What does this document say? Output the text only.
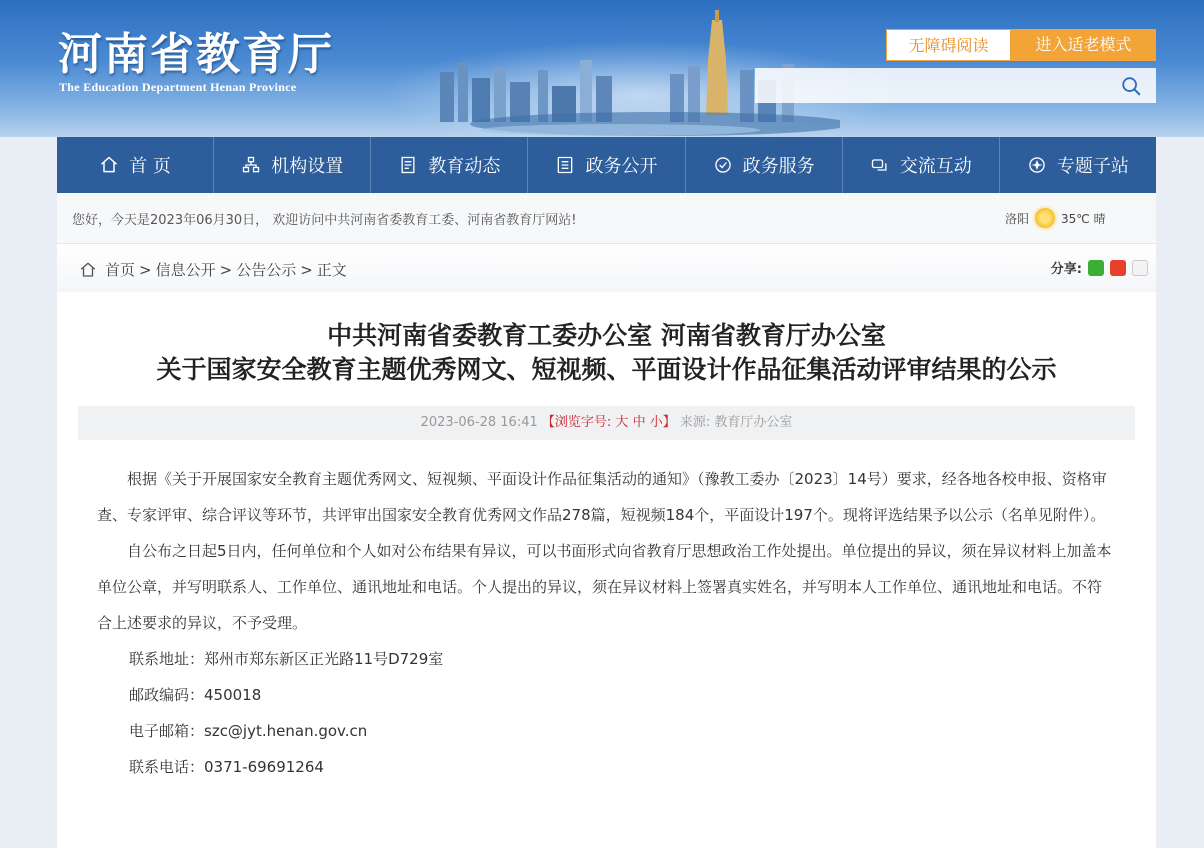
河南省教育厅
The Education Department Henan Province
无障碍阅读	进入适老模式
首 页	机构设置	教育动态	政务公开	政务服务	交流互动	专题子站
您好，今天是2023年06月30日， 欢迎访问中共河南省委教育工委、河南省教育厅网站!	洛阳	35℃ 晴
首页 > 信息公开 > 公告公示 > 正文	分享:
中共河南省委教育工委办公室 河南省教育厅办公室
关于国家安全教育主题优秀网文、短视频、平面设计作品征集活动评审结果的公示
2023-06-28 16:41 【浏览字号: 大 中 小】 来源: 教育厅办公室

根据《关于开展国家安全教育主题优秀网文、短视频、平面设计作品征集活动的通知》（豫教工委办〔2023〕14号）要求，经各地各校申报、资格审查、专家评审、综合评议等环节，共评审出国家安全教育优秀网文作品278篇，短视频184个，平面设计197个。现将评选结果予以公示（名单见附件）。

自公布之日起5日内，任何单位和个人如对公布结果有异议，可以书面形式向省教育厅思想政治工作处提出。单位提出的异议，须在异议材料上加盖本单位公章，并写明联系人、工作单位、通讯地址和电话。个人提出的异议，须在异议材料上签署真实姓名，并写明本人工作单位、通讯地址和电话。不符合上述要求的异议，不予受理。

联系地址：郑州市郑东新区正光路11号D729室

邮政编码：450018

电子邮箱：szc@jyt.henan.gov.cn

联系电话：0371-69691264
